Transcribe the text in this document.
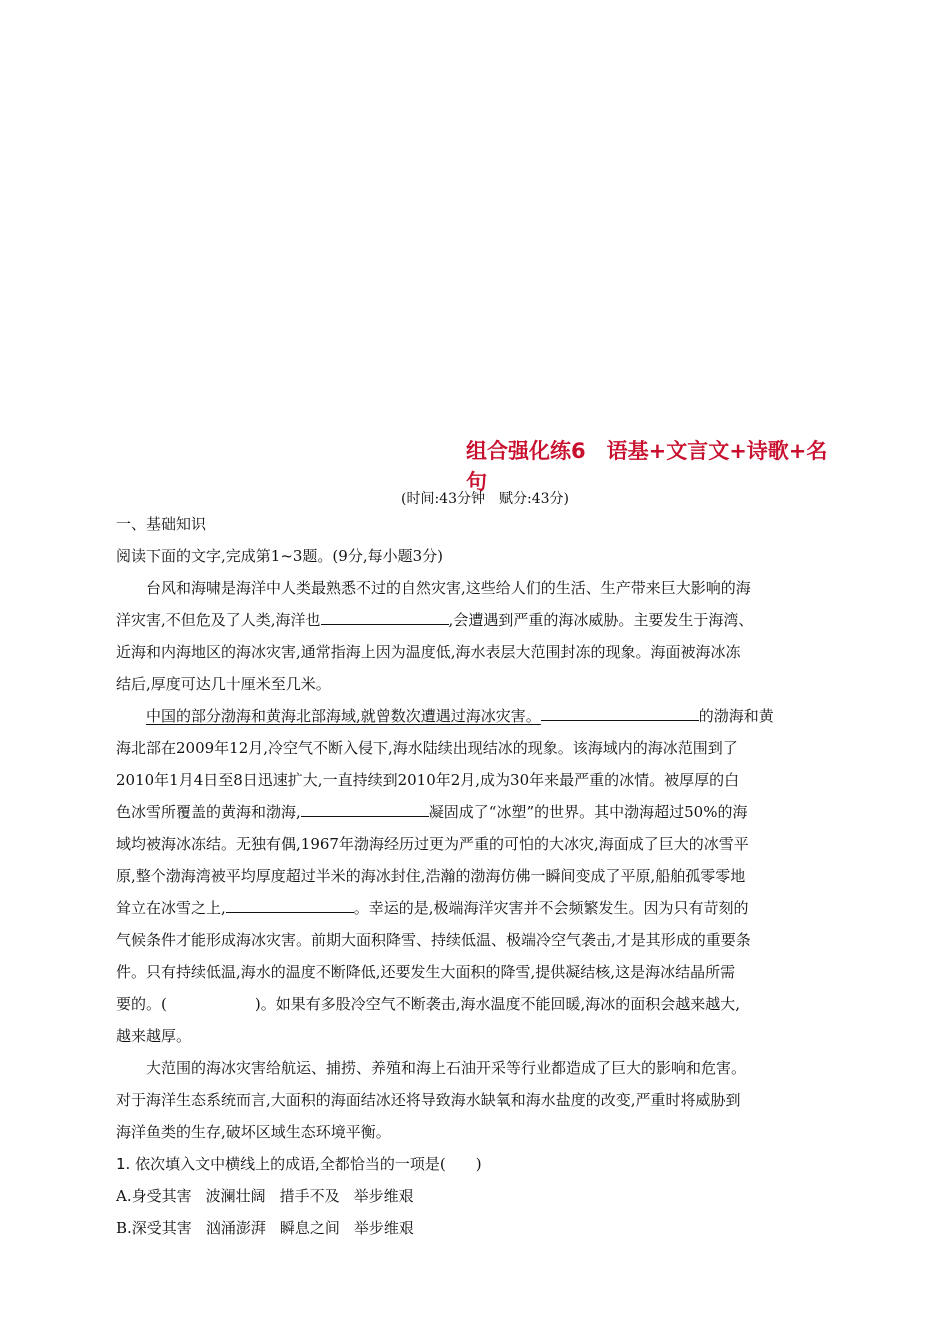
组合强化练6　语基+文言文+诗歌+名
句
(时间:43分钟　赋分:43分)
一、基础知识
阅读下面的文字,完成第1~3题。(9分,每小题3分)
台风和海啸是海洋中人类最熟悉不过的自然灾害,这些给人们的生活、生产带来巨大影响的海
洋灾害,不但危及了人类,海洋也	,会遭遇到严重的海冰威胁。主要发生于海湾、
近海和内海地区的海冰灾害,通常指海上因为温度低,海水表层大范围封冻的现象。海面被海冰冻
结后,厚度可达几十厘米至几米。
中国的部分渤海和黄海北部海域,就曾数次遭遇过海冰灾害。	的渤海和黄
海北部在2009年12月,冷空气不断入侵下,海水陆续出现结冰的现象。该海域内的海冰范围到了
2010年1月4日至8日迅速扩大,一直持续到2010年2月,成为30年来最严重的冰情。被厚厚的白
色冰雪所覆盖的黄海和渤海,	凝固成了“冰塑”的世界。其中渤海超过50%的海
域均被海冰冻结。无独有偶,1967年渤海经历过更为严重的可怕的大冰灾,海面成了巨大的冰雪平
原,整个渤海湾被平均厚度超过半米的海冰封住,浩瀚的渤海仿佛一瞬间变成了平原,船舶孤零零地
耸立在冰雪之上,	。幸运的是,极端海洋灾害并不会频繁发生。因为只有苛刻的
气候条件才能形成海冰灾害。前期大面积降雪、持续低温、极端冷空气袭击,才是其形成的重要条
件。只有持续低温,海水的温度不断降低,还要发生大面积的降雪,提供凝结核,这是海冰结晶所需
要的。(	)。如果有多股冷空气不断袭击,海水温度不能回暖,海冰的面积会越来越大,
越来越厚。
大范围的海冰灾害给航运、捕捞、养殖和海上石油开采等行业都造成了巨大的影响和危害。
对于海洋生态系统而言,大面积的海面结冰还将导致海水缺氧和海水盐度的改变,严重时将威胁到
海洋鱼类的生存,破坏区域生态环境平衡。
1. 依次填入文中横线上的成语,全都恰当的一项是(　　)
A.身受其害 波澜壮阔 措手不及 举步维艰
B.深受其害 汹涌澎湃 瞬息之间 举步维艰
